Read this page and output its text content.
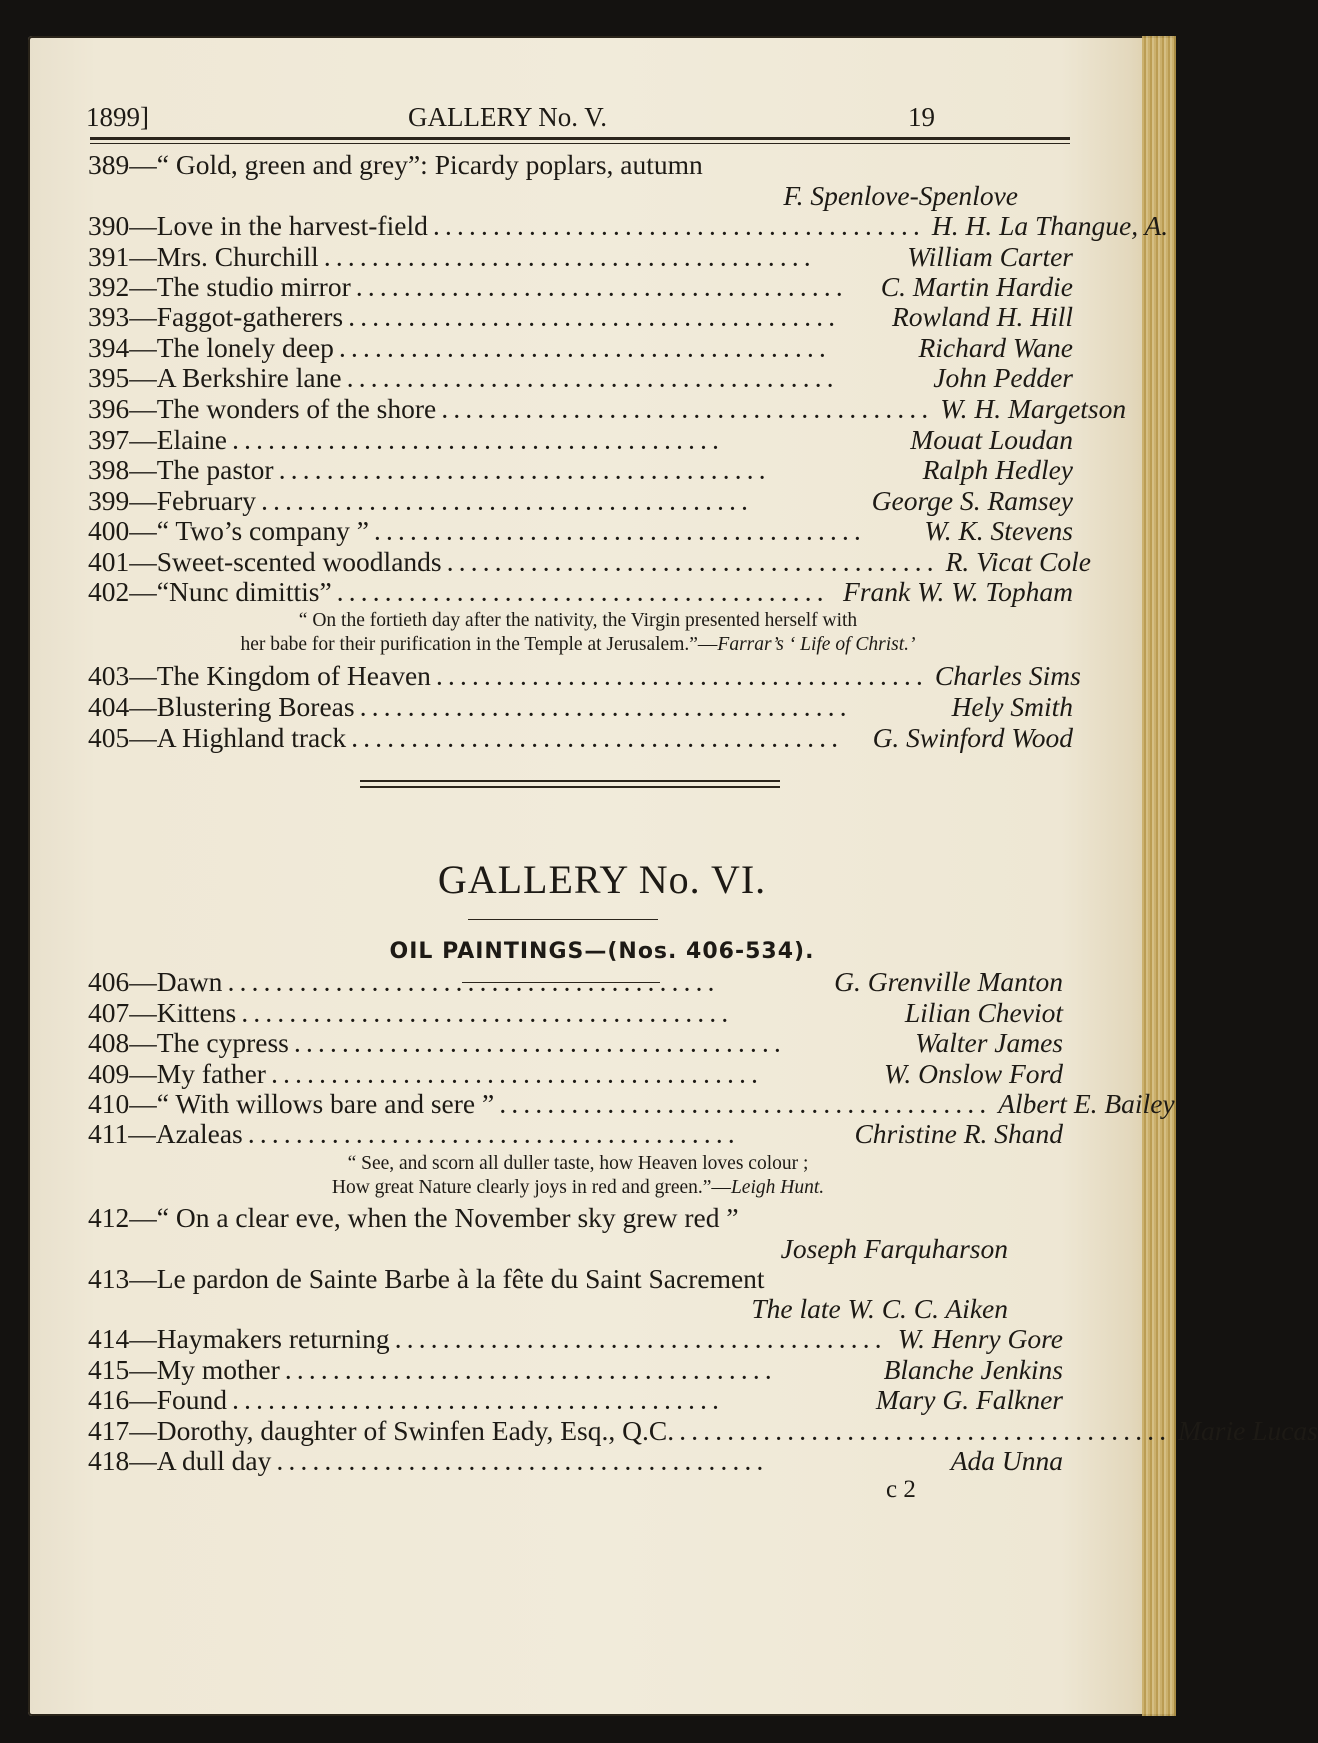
1899]	GALLERY No. V.	19
389 —“ Gold, green and grey”: Picardy poplars, autumn
F. Spenlove-Spenlove
390 —Love in the harvest-field ......................................... H. H. La Thangue, A.
391 —Mrs. Churchill .........................................	William Carter
392 —The studio mirror .........................................	C. Martin Hardie
393 —Faggot-gatherers .........................................	Rowland H. Hill
394 —The lonely deep .........................................	Richard Wane
395 —A Berkshire lane .........................................	John Pedder
396 —The wonders of the shore ......................................... W. H. Margetson
397 —Elaine .........................................	Mouat Loudan
398 —The pastor .........................................	Ralph Hedley
399 —February .........................................	George S. Ramsey
400 —“ Two’s company ” .........................................	W. K. Stevens
401 —Sweet-scented woodlands ......................................... R. Vicat Cole
402 —“Nunc dimittis” ......................................... Frank W. W. Topham
“ On the fortieth day after the nativity, the Virgin presented herself with
her babe for their purification in the Temple at Jerusalem.”—Farrar’s ‘ Life of Christ.’
403 —The Kingdom of Heaven ......................................... Charles Sims
404 —Blustering Boreas .........................................	Hely Smith
405 —A Highland track .........................................	G. Swinford Wood
GALLERY No. VI.
OIL PAINTINGS—(Nos. 406-534).
406 —Dawn .........................................	G. Grenville Manton
407 —Kittens .........................................	Lilian Cheviot
408 —The cypress .........................................	Walter James
409 —My father .........................................	W. Onslow Ford
410 —“ With willows bare and sere ” ......................................... Albert E. Bailey
411 —Azaleas .........................................	Christine R. Shand
“ See, and scorn all duller taste, how Heaven loves colour ;
How great Nature clearly joys in red and green.”—Leigh Hunt.
412 —“ On a clear eve, when the November sky grew red ”
Joseph Farquharson
413 —Le pardon de Sainte Barbe à la fête du Saint Sacrement
The late W. C. C. Aiken
414 —Haymakers returning ......................................... W. Henry Gore
415 —My mother .........................................	Blanche Jenkins
416 —Found .........................................	Mary G. Falkner
417 —Dorothy, daughter of Swinfen Eady, Esq., Q.C. ......................................... Marie Lucas
418 —A dull day .........................................	Ada Unna
c 2
